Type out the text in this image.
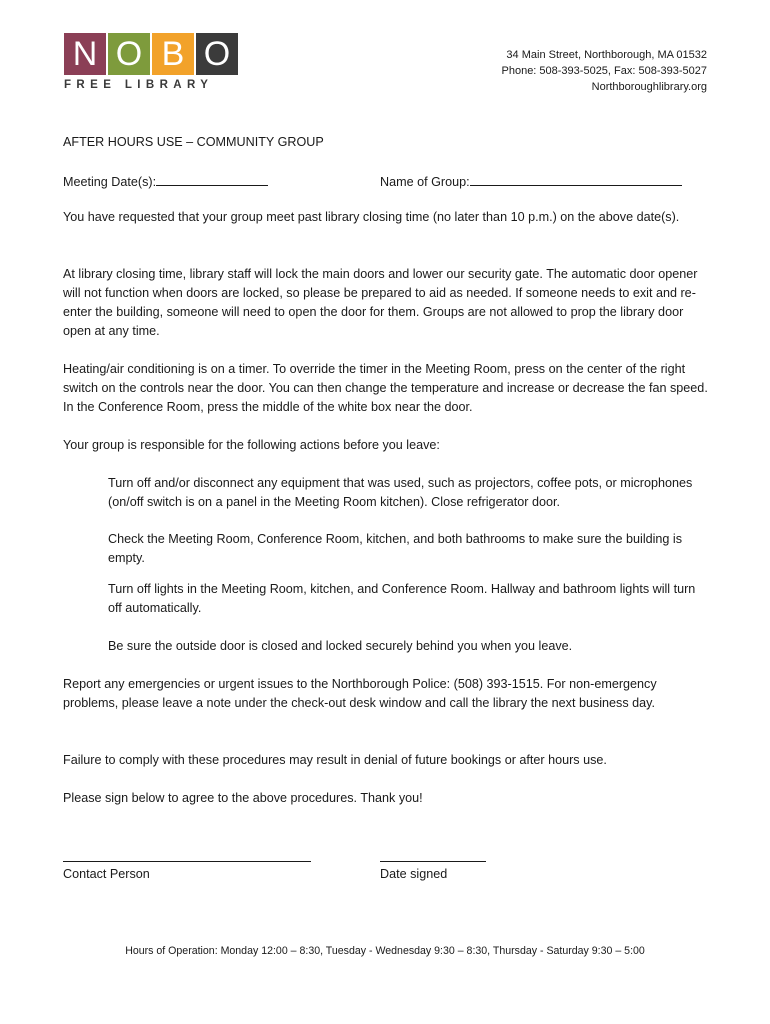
N O B O
FREE LIBRARY
34 Main Street, Northborough, MA 01532
Phone: 508-393-5025, Fax: 508-393-5027
Northboroughlibrary.org
AFTER HOURS USE – COMMUNITY GROUP
Meeting Date(s):	Name of Group:
You have requested that your group meet past library closing time (no later than 10 p.m.) on the above date(s).
At library closing time, library staff will lock the main doors and lower our security gate. The automatic door opener will not function when doors are locked, so please be prepared to aid as needed. If someone needs to exit and re-enter the building, someone will need to open the door for them. Groups are not allowed to prop the library door open at any time.
Heating/air conditioning is on a timer. To override the timer in the Meeting Room, press on the center of the right switch on the controls near the door. You can then change the temperature and increase or decrease the fan speed. In the Conference Room, press the middle of the white box near the door.
Your group is responsible for the following actions before you leave:
Turn off and/or disconnect any equipment that was used, such as projectors, coffee pots, or microphones (on/off switch is on a panel in the Meeting Room kitchen). Close refrigerator door.
Check the Meeting Room, Conference Room, kitchen, and both bathrooms to make sure the building is empty.
Turn off lights in the Meeting Room, kitchen, and Conference Room. Hallway and bathroom lights will turn off automatically.
Be sure the outside door is closed and locked securely behind you when you leave.
Report any emergencies or urgent issues to the Northborough Police: (508) 393-1515. For non-emergency problems, please leave a note under the check-out desk window and call the library the next business day.
Failure to comply with these procedures may result in denial of future bookings or after hours use.
Please sign below to agree to the above procedures. Thank you!
Contact Person	Date signed
Hours of Operation: Monday 12:00 – 8:30, Tuesday - Wednesday 9:30 – 8:30, Thursday - Saturday 9:30 – 5:00
